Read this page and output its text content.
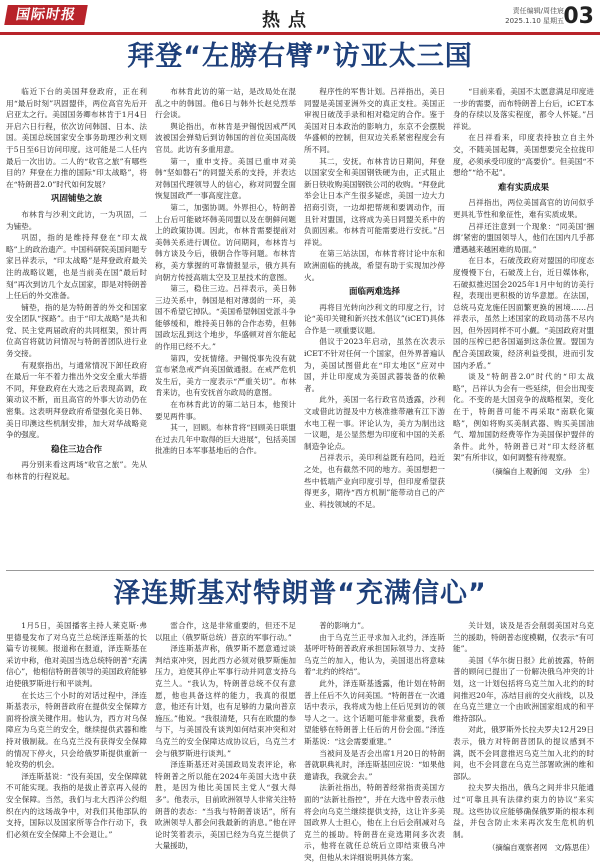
国际时报	热点	责任编辑/周佳宸
2025.1.10 星期五 03
拜登“左膀右臂”访亚太三国

临近下台的美国拜登政府，正在利用“最后时刻”巩固盟伴，两位高官先后开启亚太之行。美国国务卿布林肯于1月4日开启六日行程，依次访问韩国、日本、法国。美国总统国家安全事务助理沙利文则于5日至6日访问印度。这可能是二人任内最后一次出访。二人的“收官之旅”有哪些目的？拜登在力推的国际“印太战略”，将在“特朗普2.0”时代如何发展？

巩固铺垫之旅

布林肯与沙利文此访，一为巩固，二为铺垫。

巩固，指的是维持拜登在“印太战略”上的政治遗产。中国科研院美国问题专家吕祥表示，“印太战略”是拜登政府最关注的战略议题，也是当前美在国”最后时刻”再次到访几个友点国家，即是对特朗普上任后的外交准备。

铺垫，指的是为特朗普的外交和国家安全团队“探路”。由于“印太战略”是共和党、民主党两届政府的共同框架，预计两位高官将就访问情况与特朗普团队进行业务交接。

有观察指出，与通常情况下卸任政府在最后一年不着力推出外交安全重大举措不同，拜登政府在大选之后表现高调，政策动议不断，而且高官的外事大访动仍在密集。这表明拜登政府希望强化美日韩、美日印澳这些机制安排，加大对华战略竞争的强度。

稳住三边合作

再分别来看这两场“收官之旅”。先从布林肯的行程说起。

布林肯此访的第一站，是改局处在混乱之中的韩国。他6日与韩外长赵兑烈举行会谈。

舆论指出，布林肯是尹锡悦因戒严风波被国会弹劾后到访韩国的首位美国高级官员。此访有多重用意。

第一，重申支持。美国已重申对美韩“坚如磐石”的同盟关系的支持，并表达对韩国代理领导人的信心，称对同盟全面恢复国政严一事高度注意。

第二，加强协调。外界担心，特朗普上台后可能破坏韩美同盟以及在朝鲜问题上的政策协调。因此，布林肯需要提前对美韩关系进行调位。访问期间，布林肯与韩方谈及今后，俄朝合作等问题。布林肯称，美方掌握的可靠情报显示，俄方具有向朝方传授高端太空及卫星技术的意图。

第三，稳住三边。吕祥表示，美日韩三边关系中，韩国是相对薄弱的一环，美国不希望它掉队。“美国希望韩国党派斗争能够缓和，维持美日韩的合作态势，但韩国政坛乱到这个地步，华盛顿对首尔能起的作用已经不大。”

第四，安抚情绪。尹锡悦事先没有就宣布紧急戒严向美国做通报。在戒严危机发生后，美方一度表示“严重关切”。布林肯来访，也有安抚首尔政局的意图。

在布林肯此访的第二站日本，他预计要见两件事。

其一，回顾。布林肯将“回顾美日联盟在过去几年中取得的巨大进展”，包括美国批准的日本军事基地后的合作。

程序性的军售计划。吕祥指出，美日同盟是美国亚洲外交的真正支柱。美国正审视日破茂手录和相对稳定的合作。鉴于美国对日本政治的影响力，东京不会摆脱华盛顿的控制，但双边关系紧密程度会有所不同。

其二，安抚。布林肯访日期间，拜登以国家安全和美国钢铁硬为由，正式阻止新日铁收购美国钢铁公司的收购。“拜登此举会让日本产生很多疑虑，美国一边大力招商引资，一边却把帮规和要调动作，而且针对盟国，这将成为美日同盟关系中的负面因素。布林肯可能需要进行安抚。”吕祥说。

在第三站法国，布林肯将讨论中东和欧洲面临的挑战，希望有助于实现加沙停火。

面临两难选择

再将目光转向沙利文的印度之行，讨论“美印关键和新兴技术倡议”(iCET)具体合作是一项重要议题。

倡议于2023年启动，虽然在次表示iCET不针对任何一个国家，但外界普遍认为，美国试图借此在“印太地区”应对中国，并让印度成为美国武器装备的依赖者。

此外，美国一名行政官员透露，沙利文或借此访提及中方核准推带融有江下游水电工程一事。评论认为，美方为制出这一议题，是公显然想为印度和中国的关系制造争论点。

吕祥表示，美印利益既有趋同，趋近之处，也有截然不同的地方。美国想把一些中低端产业向印度引导，但印度希望获得更多，期待“西方机制”能带动自己的产业、科技领域的不足。

“目前来看，美国不太愿意满足印度进一步的需要，而布特朗普上台后，iCET本身的存续以及落实程度，都令人怀疑。”吕祥说。

在吕祥看来，印度表持独立自主外交，不随美国起舞，美国想要完全拉拢印度，必须承受印度的“高要价”。但美国“不想给”“给不起”。

难有实质成果

吕祥指出，两位美国高官的访问似乎更具礼节性和象征性，难有实质成果。

吕祥还注意到一个现象：“同美国‘捆绑’紧密的盟国领导人，他们在国内几乎都遭遇越来越困难的局面。”

在日本，石破茂政府对盟国的印度态度慢慢下台，石破茂上台，近日媒体称，石破拟推迟国会2025年1月中旬的访美行程，表现出更积极的访华意愿。在法国，总统马克龙施任因面繁更换的困境……吕祥表示，虽然上述国家的政局动荡不尽内因，但外因同样不可小觑。“美国政府对盟国的压榨已把各国逼到这条位置。盟国为配合美国政策，经济利益受损，进而引发国内矛盾。”

谈及“特朗普2.0”时代的“印太战略”，吕祥认为会有一些延续，但会出现变化。不变的是大国竞争的战略框架，变化在于，特朗普可能不再采取“南联化策略”，例如将购买美制武器、购买美国油气、增加国防经费等作为美国保护盟伴的条件。此外，特朗普已对“印太经济框架”有所非议，如何调整有待观察。

（摘编自上观新闻　文/孙　尘）
泽连斯基对特朗普“充满信心”

1月5日，美国播客主持人莱克斯·弗里德曼发布了对乌克兰总统泽连斯基的长篇专访视频。报道称在报道，泽连斯基在采访中称，他对美国当选总统特朗普“充满信心”，他相信特朗普领导的美国政府能够迫使俄罗斯进行和平谈判。

在长达三个小时的对话过程中，泽连斯基表示，特朗普政府在提供安全保障方面将扮演关键作用。他认为，西方对乌保障应为乌克兰的安全，继续提供武器和维持对俄制裁。在乌克兰没有获得安全保障的情况下停火，只会给俄罗斯提供重新一轮攻势的机会。

泽连斯基说：“没有美国，安全保障就不可能实现。我指的是拔止普京再入侵的安全保障。当然，我们与北大西洋公约组织在内的这场战争中，对我们其他部队的支持，国际以及国家所等合作行动下，我们必须在安全保障上不会退让。”

雷合作，这是非常重要的，但还不足以阻止（俄罗斯总统）普京的军事行动。”

泽连斯基声称，俄罗斯不愿意通过谈判结束冲突，因此西方必须对俄罗斯施加压力，迫使其停止军事行动并同意支持乌克兰人。“我认为，特朗普总统不仅有意愿，他也具备这样的能力，我真的很愿意，他还有计划，也有足够的力量向普京施压。”他说。“我很清楚，只有在欧盟的参与下，与美国没有谈判如何结束冲突和对乌克兰的安全保障达成协议后，乌克兰才会与俄罗斯进行谈判。”

泽连斯基还对美国政局发表评论，称特朗普之所以能在2024年美国大选中获胜，是因为他比美国民主党人“强大得多”。他表示，目前欧洲领导人非常关注特朗普的表态：“当我与特朗普谈话”，所有欧洲领导人都会问我最新的消息。”他在评论时笑着表示，美国已经为乌克兰提供了大量援助，

普的影响力”。

由于乌克兰正寻求加入北约，泽连斯基呼吁特朗普政府承担国际领导力、支持乌克兰的加入，他认为，美国退出将意味着“北约的终结”。

此外，泽连斯基透露，他计划在特朗普上任后不久访问美国。“特朗普在一次通话中表示，我将成为他上任后见到访的领导人之一。这个话题可能非常重要，我希望能够在特朗普上任后的月份会面。”泽连斯基说：“这会需要重建。”

当被问及是否会出席1月20日的特朗普就职典礼时，泽连斯基回应说：“如果他邀请我，我就会去。”

法新社指出，特朗普经常指责美国方面的“法新社指控”，并在大选中曾表示他将会向乌克兰继续提供支持，这让许多美国政界人士担心，他在上台后会削减对乌克兰的援助。特朗普在竞选期间多次表示，他将在就任总统后立即结束俄乌冲突，但他从未详细说明具体方案。

关计划，谈及是否会削弱美国对乌克兰的援助，特朗普态度模糊，仅表示“有可能”。

美国《华尔街日报》此前披露，特朗普的顾问已提出了一份解决俄乌冲突的计划，这一计划包括将乌克兰加入北约的时间推迟20年，冻结目前的交火前线，以及在乌克兰建立一个由欧洲国家组成的和平维持部队。

对此，俄罗斯外长拉夫罗夫12月29日表示，俄方对特朗普团队的提议感到不满，既不会同意推迟乌克兰加入北约的时间，也不会同意在乌克兰部署欧洲的维和部队。

拉夫罗夫指出，俄乌之间并非只能通过“可靠且具有法律约束力的协议”来实现。这些协议应能够确保俄罗斯的根本利益，并包含防止未来再次发生危机的机制。

（摘编自观察者网　文/陈思佳）
